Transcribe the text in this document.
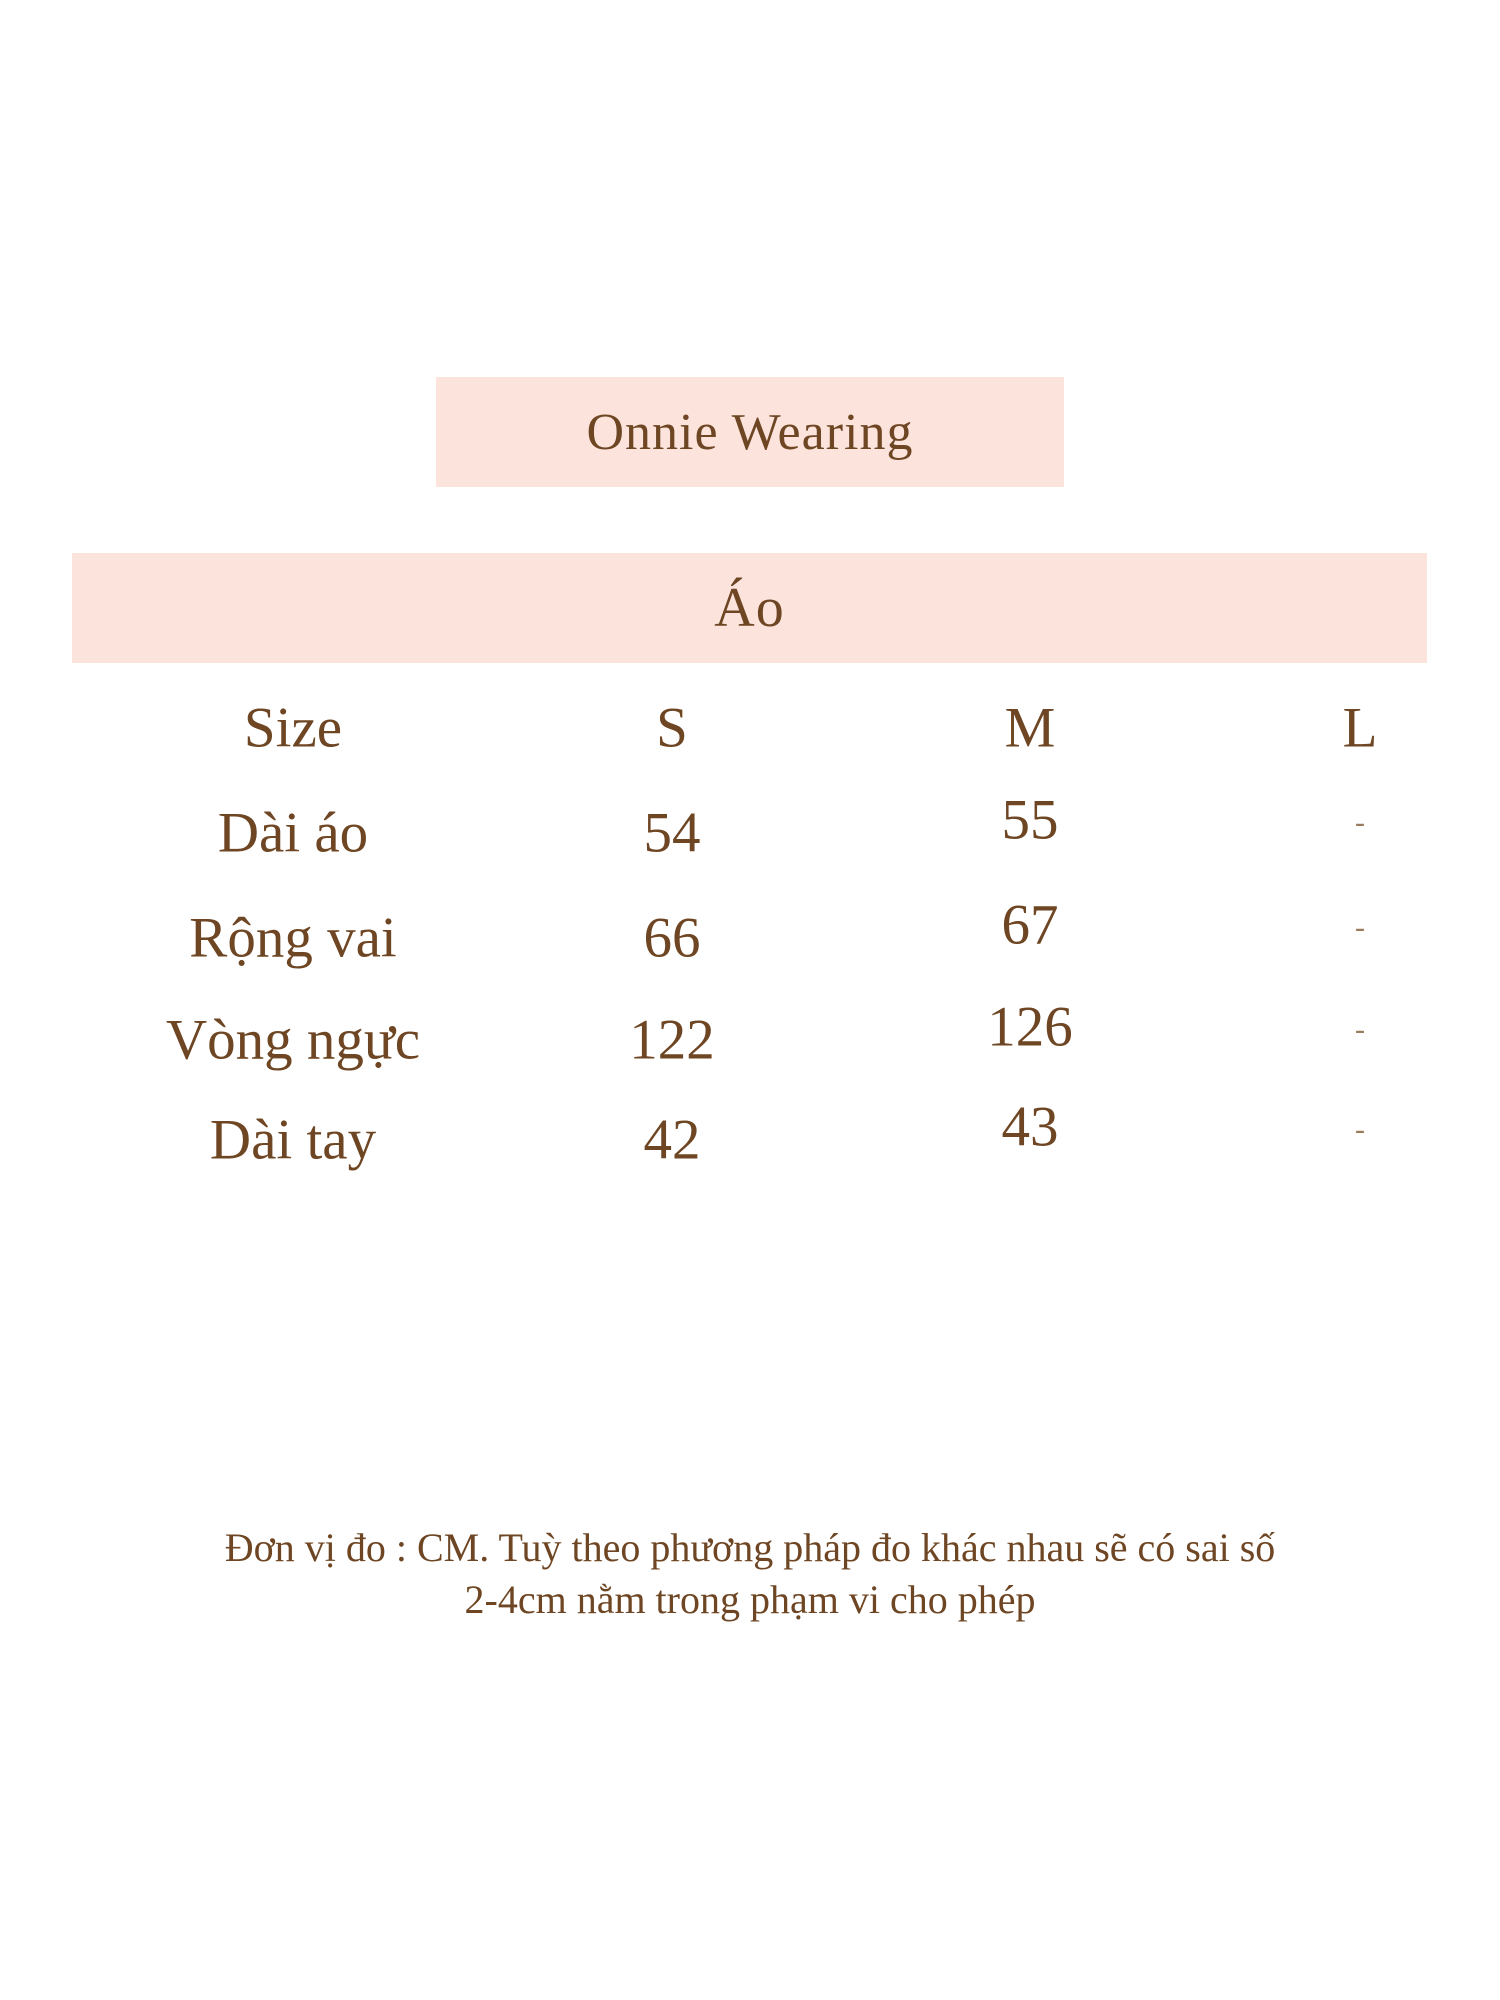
Onnie Wearing
Áo
Size	S	M	L
Dài áo	54	55	-
Rộng vai	66	67	-
Vòng ngực	122	126	-
Dài tay	42	43	-
Đơn vị đo : CM. Tuỳ theo phương pháp đo khác nhau sẽ có sai số
2-4cm nằm trong phạm vi cho phép
